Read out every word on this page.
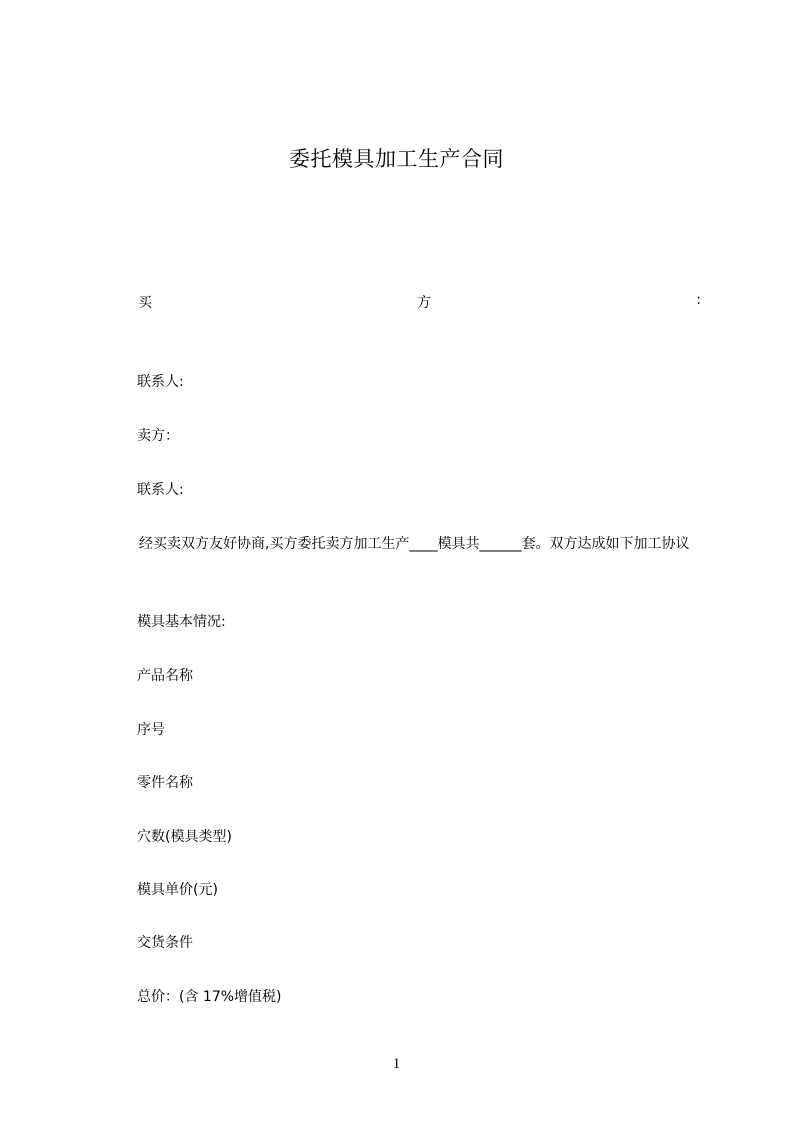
委托模具加工生产合同
买	方	:
联系人:
卖方：
联系人:

经买卖双方友好协商,买方委托卖方加工生产____模具共______套。双方达成如下加工协议

模具基本情况:
产品名称
序号
零件名称
穴数(模具类型)
模具单价(元)
交货条件
总价：(含 17%增值税)
1
